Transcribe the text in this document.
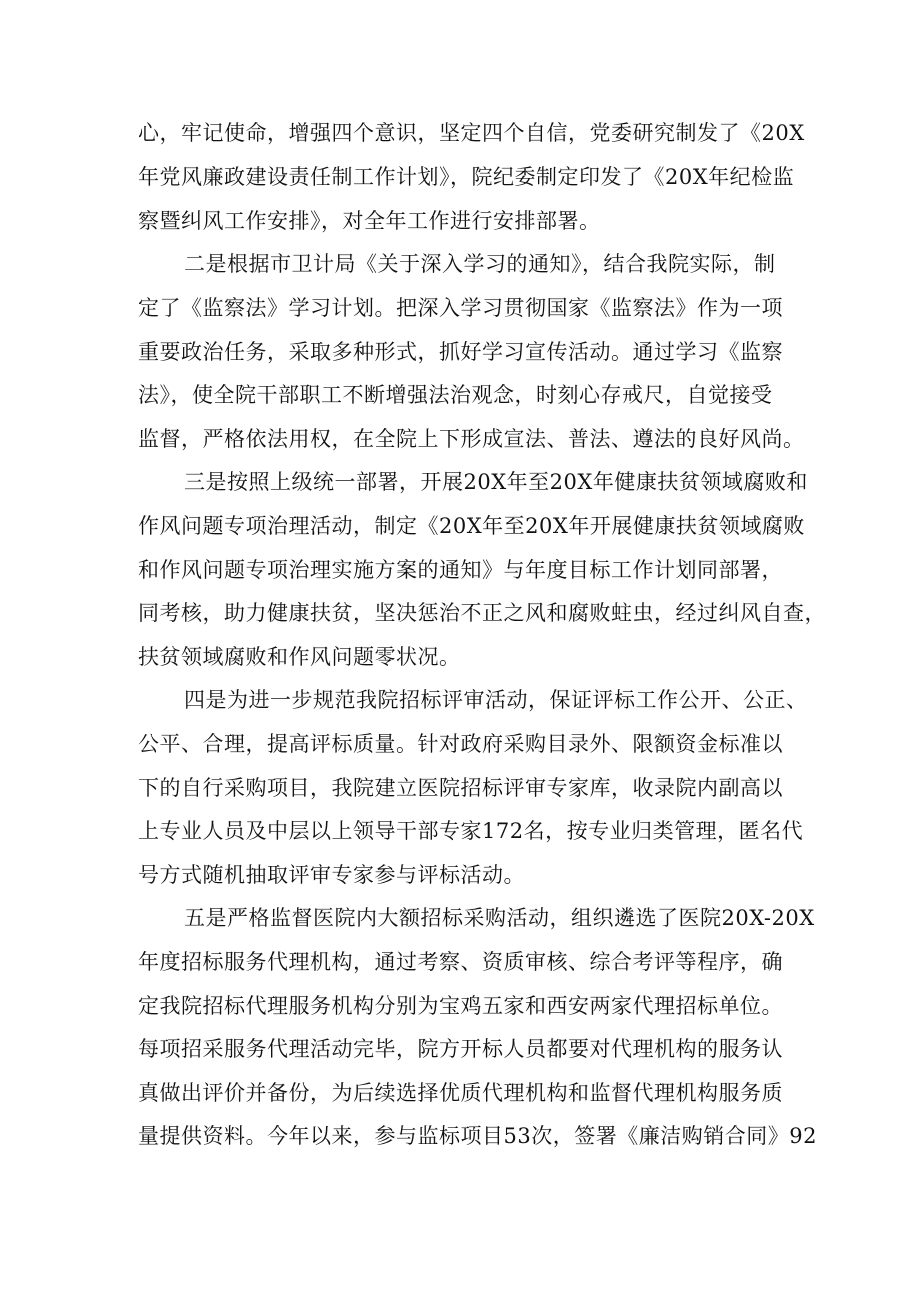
心，牢记使命，增强四个意识，坚定四个自信，党委研究制发了《20X
年党风廉政建设责任制工作计划》，院纪委制定印发了《20X年纪检监
察暨纠风工作安排》，对全年工作进行安排部署。
二是根据市卫计局《关于深入学习的通知》，结合我院实际，制
定了《监察法》学习计划。把深入学习贯彻国家《监察法》作为一项
重要政治任务，采取多种形式，抓好学习宣传活动。通过学习《监察
法》，使全院干部职工不断增强法治观念，时刻心存戒尺，自觉接受
监督，严格依法用权，在全院上下形成宣法、普法、遵法的良好风尚。
三是按照上级统一部署，开展20X年至20X年健康扶贫领域腐败和
作风问题专项治理活动，制定《20X年至20X年开展健康扶贫领域腐败
和作风问题专项治理实施方案的通知》与年度目标工作计划同部署，
同考核，助力健康扶贫，坚决惩治不正之风和腐败蛀虫，经过纠风自查，
扶贫领域腐败和作风问题零状况。
四是为进一步规范我院招标评审活动，保证评标工作公开、公正、
公平、合理，提高评标质量。针对政府采购目录外、限额资金标准以
下的自行采购项目，我院建立医院招标评审专家库，收录院内副高以
上专业人员及中层以上领导干部专家172名，按专业归类管理，匿名代
号方式随机抽取评审专家参与评标活动。
五是严格监督医院内大额招标采购活动，组织遴选了医院20X-20X
年度招标服务代理机构，通过考察、资质审核、综合考评等程序，确
定我院招标代理服务机构分别为宝鸡五家和西安两家代理招标单位。
每项招采服务代理活动完毕，院方开标人员都要对代理机构的服务认
真做出评价并备份，为后续选择优质代理机构和监督代理机构服务质
量提供资料。今年以来，参与监标项目53次，签署《廉洁购销合同》92
